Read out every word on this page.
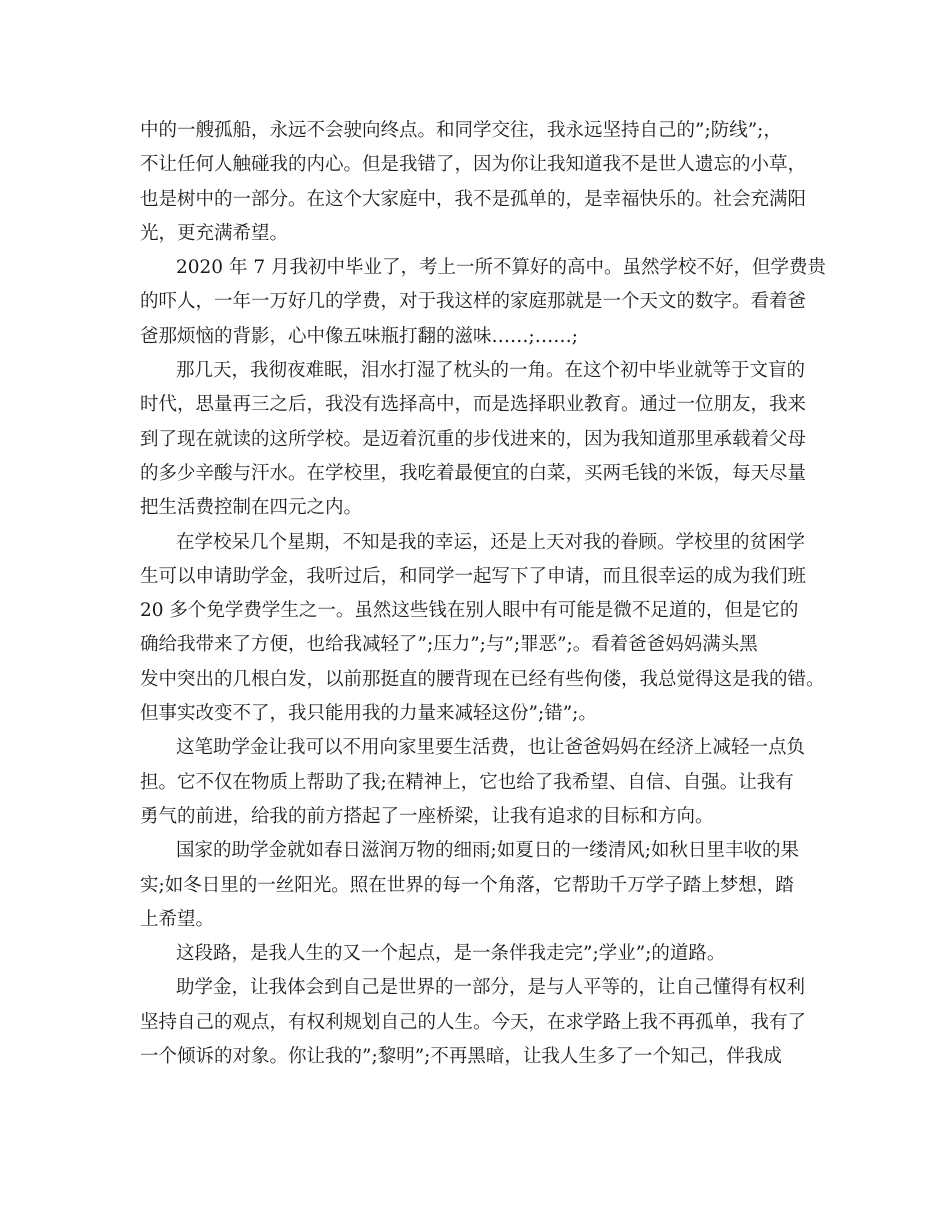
中的一艘孤船，永远不会驶向终点。和同学交往，我永远坚持自己的”;防线”;，
不让任何人触碰我的内心。但是我错了，因为你让我知道我不是世人遗忘的小草，
也是树中的一部分。在这个大家庭中，我不是孤单的，是幸福快乐的。社会充满阳
光，更充满希望。
2020 年 7 月我初中毕业了，考上一所不算好的高中。虽然学校不好，但学费贵
的吓人，一年一万好几的学费，对于我这样的家庭那就是一个天文的数字。看着爸
爸那烦恼的背影，心中像五味瓶打翻的滋味……;……;
那几天，我彻夜难眠，泪水打湿了枕头的一角。在这个初中毕业就等于文盲的
时代，思量再三之后，我没有选择高中，而是选择职业教育。通过一位朋友，我来
到了现在就读的这所学校。是迈着沉重的步伐进来的，因为我知道那里承载着父母
的多少辛酸与汗水。在学校里，我吃着最便宜的白菜，买两毛钱的米饭，每天尽量
把生活费控制在四元之内。
在学校呆几个星期，不知是我的幸运，还是上天对我的眷顾。学校里的贫困学
生可以申请助学金，我听过后，和同学一起写下了申请，而且很幸运的成为我们班
20 多个免学费学生之一。虽然这些钱在别人眼中有可能是微不足道的，但是它的
确给我带来了方便，也给我减轻了”;压力”;与”;罪恶”;。看着爸爸妈妈满头黑
发中突出的几根白发，以前那挺直的腰背现在已经有些佝偻，我总觉得这是我的错。
但事实改变不了，我只能用我的力量来减轻这份”;错”;。
这笔助学金让我可以不用向家里要生活费，也让爸爸妈妈在经济上减轻一点负
担。它不仅在物质上帮助了我;在精神上，它也给了我希望、自信、自强。让我有
勇气的前进，给我的前方搭起了一座桥梁，让我有追求的目标和方向。
国家的助学金就如春日滋润万物的细雨;如夏日的一缕清风;如秋日里丰收的果
实;如冬日里的一丝阳光。照在世界的每一个角落，它帮助千万学子踏上梦想，踏
上希望。
这段路，是我人生的又一个起点，是一条伴我走完”;学业”;的道路。
助学金，让我体会到自己是世界的一部分，是与人平等的，让自己懂得有权利
坚持自己的观点，有权利规划自己的人生。今天，在求学路上我不再孤单，我有了
一个倾诉的对象。你让我的”;黎明”;不再黑暗，让我人生多了一个知己，伴我成
